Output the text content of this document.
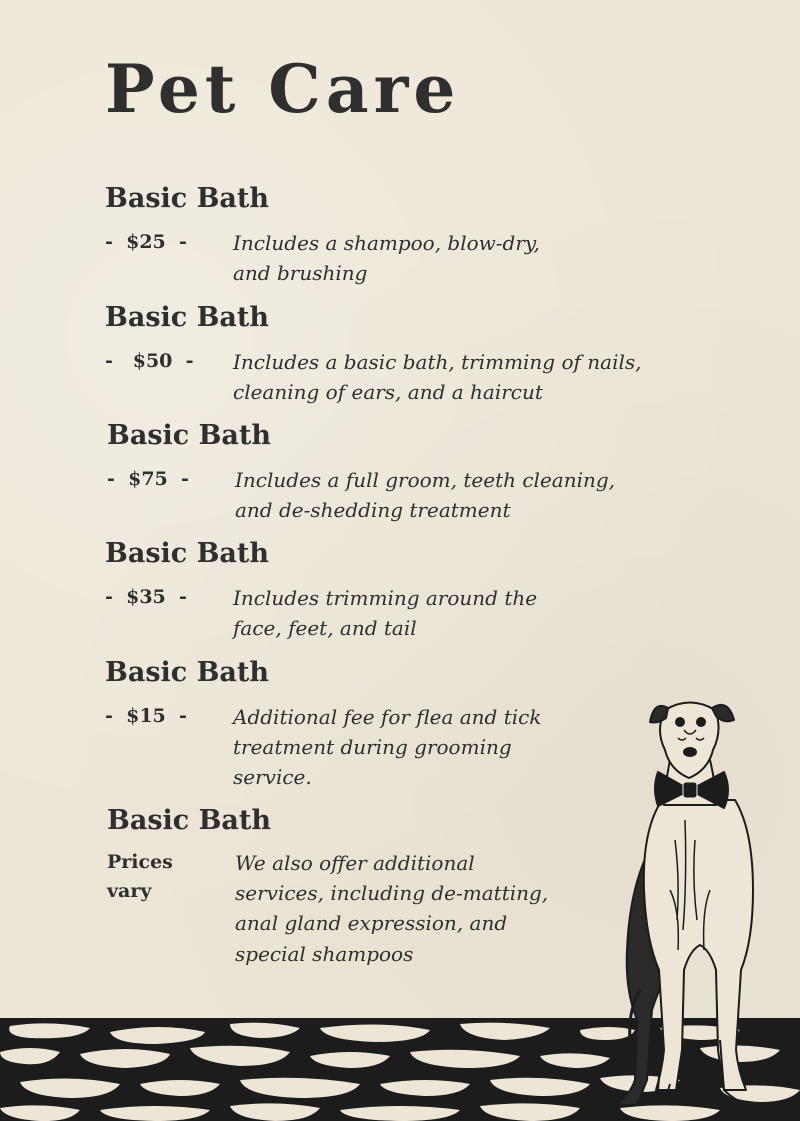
Pet Care
Basic Bath
-  $25  - Includes a shampoo, blow-dry,
and brushing
Basic Bath
-   $50  - Includes a basic bath, trimming of nails,
cleaning of ears, and a haircut
Basic Bath
-  $75  - Includes a full groom, teeth cleaning,
and de-shedding treatment
Basic Bath
-  $35  - Includes trimming around the
face, feet, and tail
Basic Bath
-  $15  - Additional fee for flea and tick
treatment during grooming
service.
Basic Bath
Prices
vary
We also offer additional
services, including de-matting,
anal gland expression, and
special shampoos
